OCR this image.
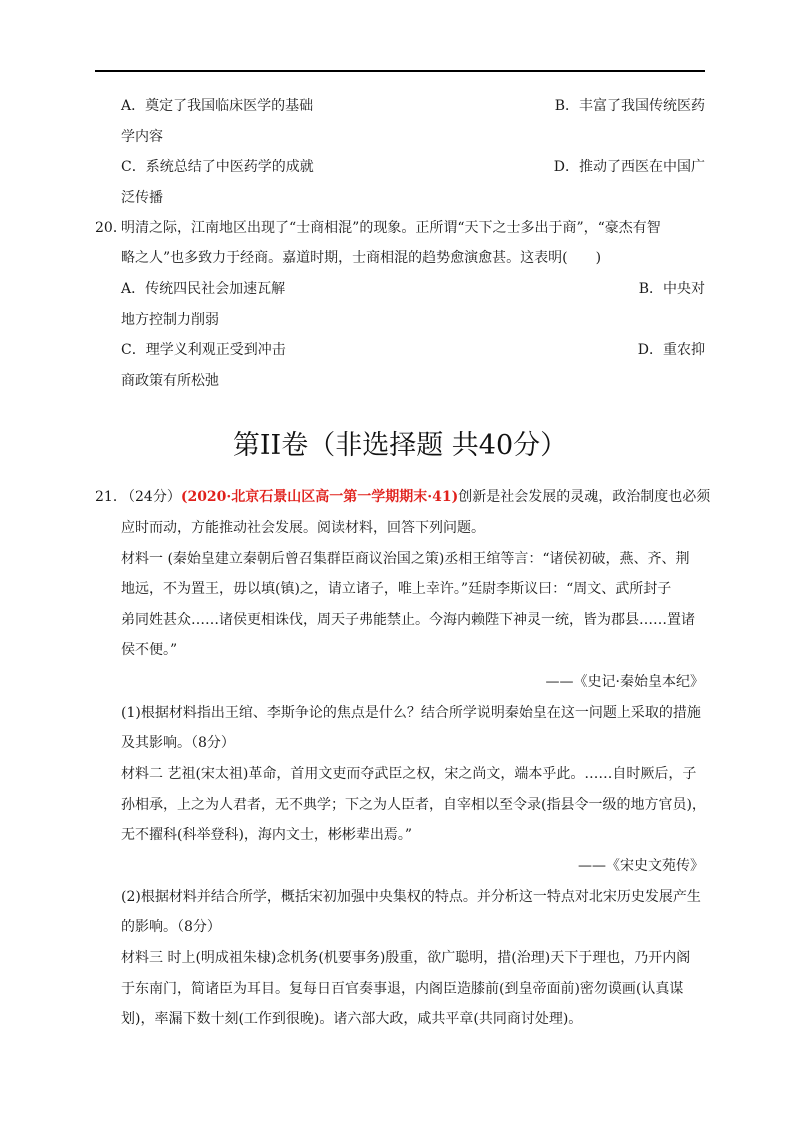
A．奠定了我国临床医学的基础	B．丰富了我国传统医药
学内容
C．系统总结了中医药学的成就	D．推动了西医在中国广
泛传播
20．
明清之际，江南地区出现了“士商相混”的现象。正所谓“天下之士多出于商”，“豪杰有智
略之人”也多致力于经商。嘉道时期，士商相混的趋势愈演愈甚。这表明(　　)
A．传统四民社会加速瓦解	B．中央对
地方控制力削弱
C．理学义利观正受到冲击	D．重农抑
商政策有所松弛
第II卷（非选择题 共40分）
21．
（24分）(2020·北京石景山区高一第一学期期末·41)创新是社会发展的灵魂，政治制度也必须
应时而动，方能推动社会发展。阅读材料，回答下列问题。
材料一 (秦始皇建立秦朝后曾召集群臣商议治国之策)丞相王绾等言：“诸侯初破，燕、齐、荆
地远，不为置王，毋以填(镇)之，请立诸子，唯上幸许。”廷尉李斯议曰：“周文、武所封子
弟同姓甚众……诸侯更相诛伐，周天子弗能禁止。今海内赖陛下神灵一统，皆为郡县……置诸
侯不便。”
——《史记·秦始皇本纪》
(1)根据材料指出王绾、李斯争论的焦点是什么？结合所学说明秦始皇在这一问题上采取的措施
及其影响。（8分）
材料二 艺祖(宋太祖)革命，首用文吏而夺武臣之权，宋之尚文，端本乎此。……自时厥后，子
孙相承，上之为人君者，无不典学；下之为人臣者，自宰相以至令录(指县令一级的地方官员)，
无不擢科(科举登科)，海内文士，彬彬辈出焉。”
——《宋史文苑传》
(2)根据材料并结合所学，概括宋初加强中央集权的特点。并分析这一特点对北宋历史发展产生
的影响。（8分）
材料三 时上(明成祖朱棣)念机务(机要事务)殷重，欲广聪明，措(治理)天下于理也，乃开内阁
于东南门，简诸臣为耳目。复每日百官奏事退，内阁臣造膝前(到皇帝面前)密勿谟画(认真谋
划)，率漏下数十刻(工作到很晚)。诸六部大政，咸共平章(共同商讨处理)。
